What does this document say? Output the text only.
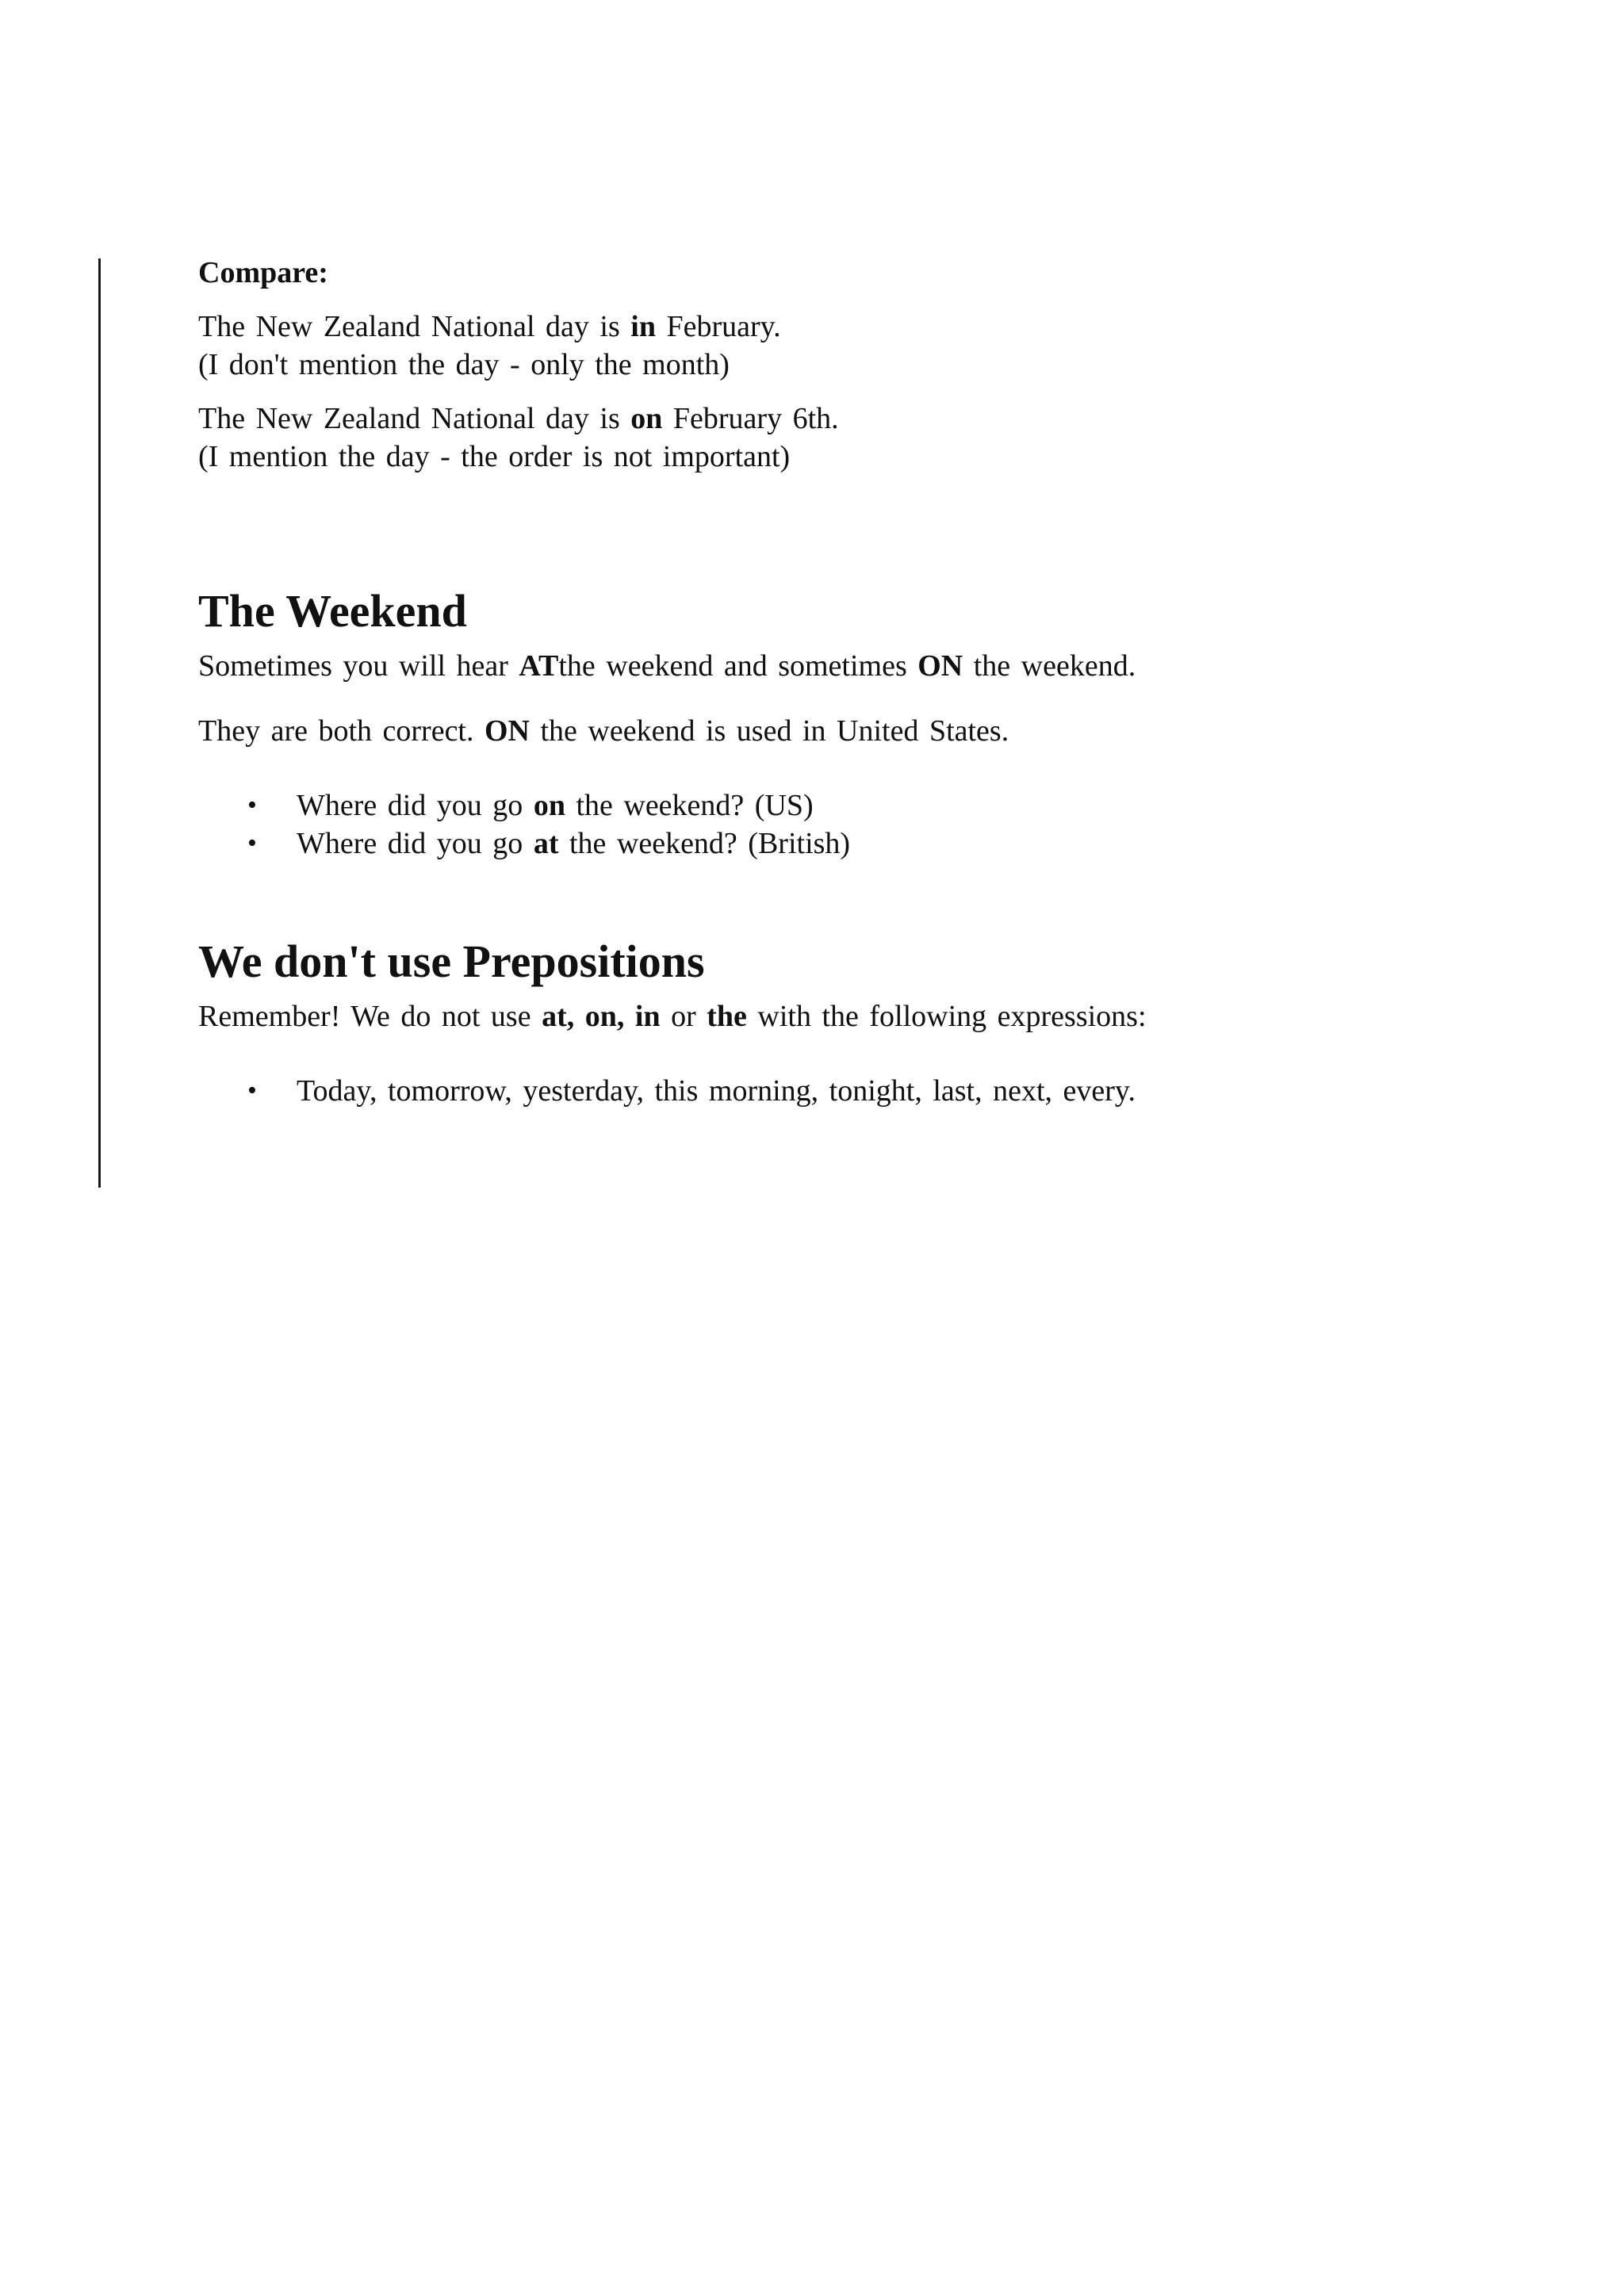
Compare:

The New Zealand National day is in February.

(I don't mention the day - only the month)

The New Zealand National day is on February 6th.

(I mention the day - the order is not important)

The Weekend

Sometimes you will hear ATthe weekend and sometimes ON the weekend.

They are both correct. ON the weekend is used in United States.

• Where did you go on the weekend? (US)
• Where did you go at the weekend? (British)
We don't use Prepositions

Remember! We do not use at, on, in or the with the following expressions:

• Today, tomorrow, yesterday, this morning, tonight, last, next, every.
